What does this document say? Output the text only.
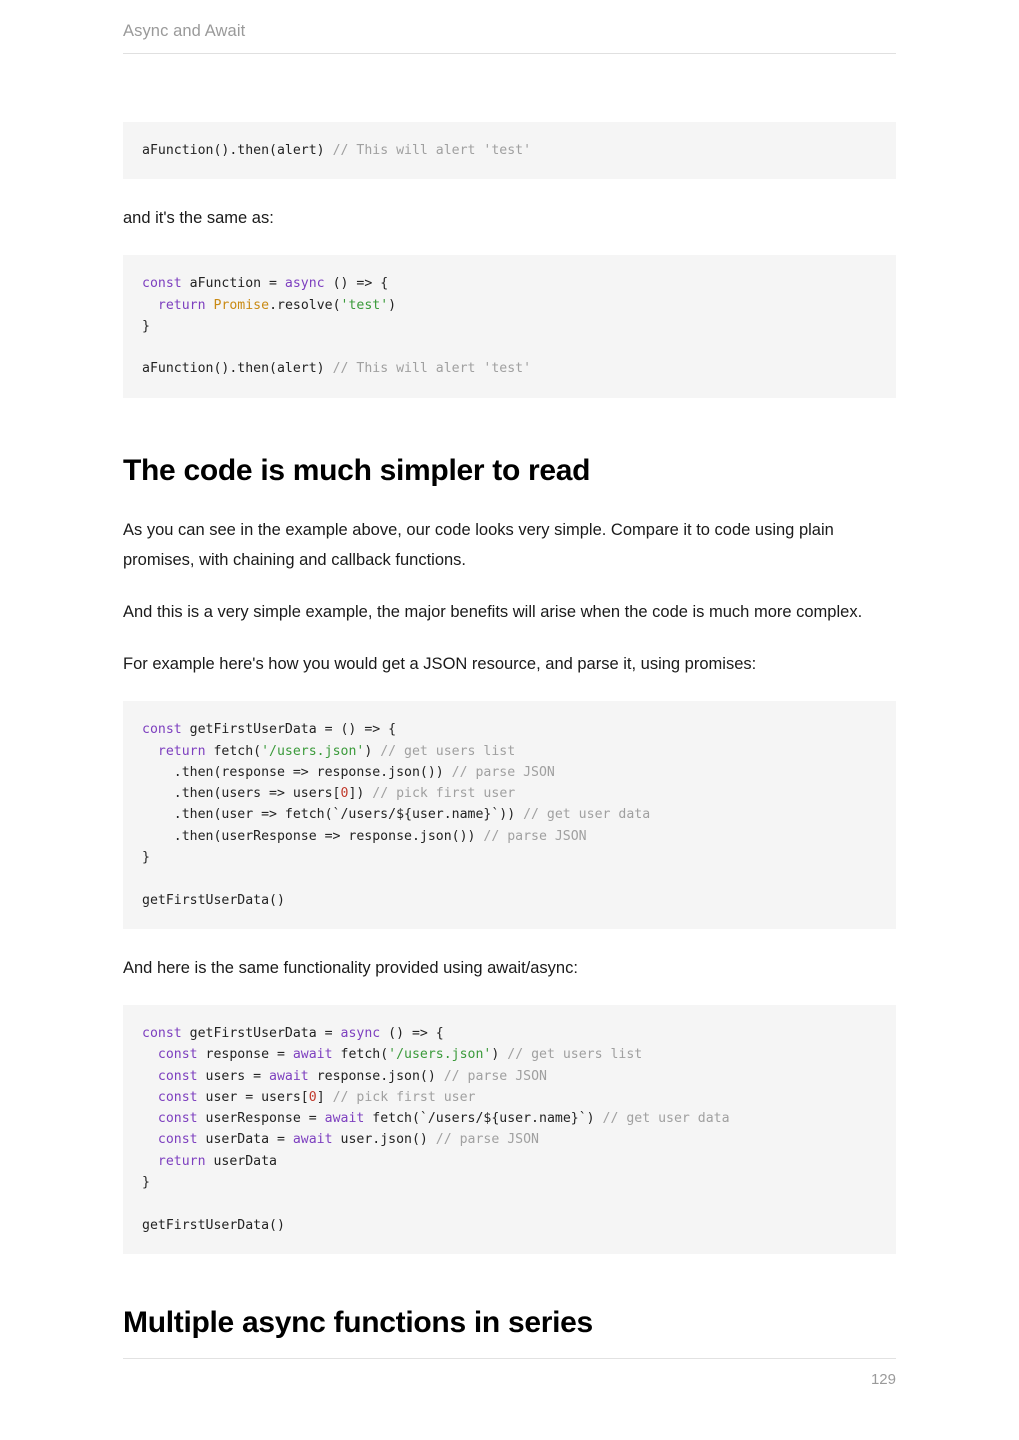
Async and Await
aFunction().then(alert) // This will alert 'test'

and it's the same as:

const aFunction = async () => {
return Promise.resolve('test')
}

aFunction().then(alert) // This will alert 'test'
The code is much simpler to read

As you can see in the example above, our code looks very simple. Compare it to code using plain promises, with chaining and callback functions.

And this is a very simple example, the major benefits will arise when the code is much more complex.

For example here's how you would get a JSON resource, and parse it, using promises:

const getFirstUserData = () => {
return fetch('/users.json') // get users list
.then(response => response.json()) // parse JSON
.then(users => users[0]) // pick first user
.then(user => fetch(`/users/${user.name}`)) // get user data
.then(userResponse => response.json()) // parse JSON
}

getFirstUserData()

And here is the same functionality provided using await/async:

const getFirstUserData = async () => {
const response = await fetch('/users.json') // get users list
const users = await response.json() // parse JSON
const user = users[0] // pick first user
const userResponse = await fetch(`/users/${user.name}`) // get user data
const userData = await user.json() // parse JSON
return userData
}

getFirstUserData()
Multiple async functions in series
129
